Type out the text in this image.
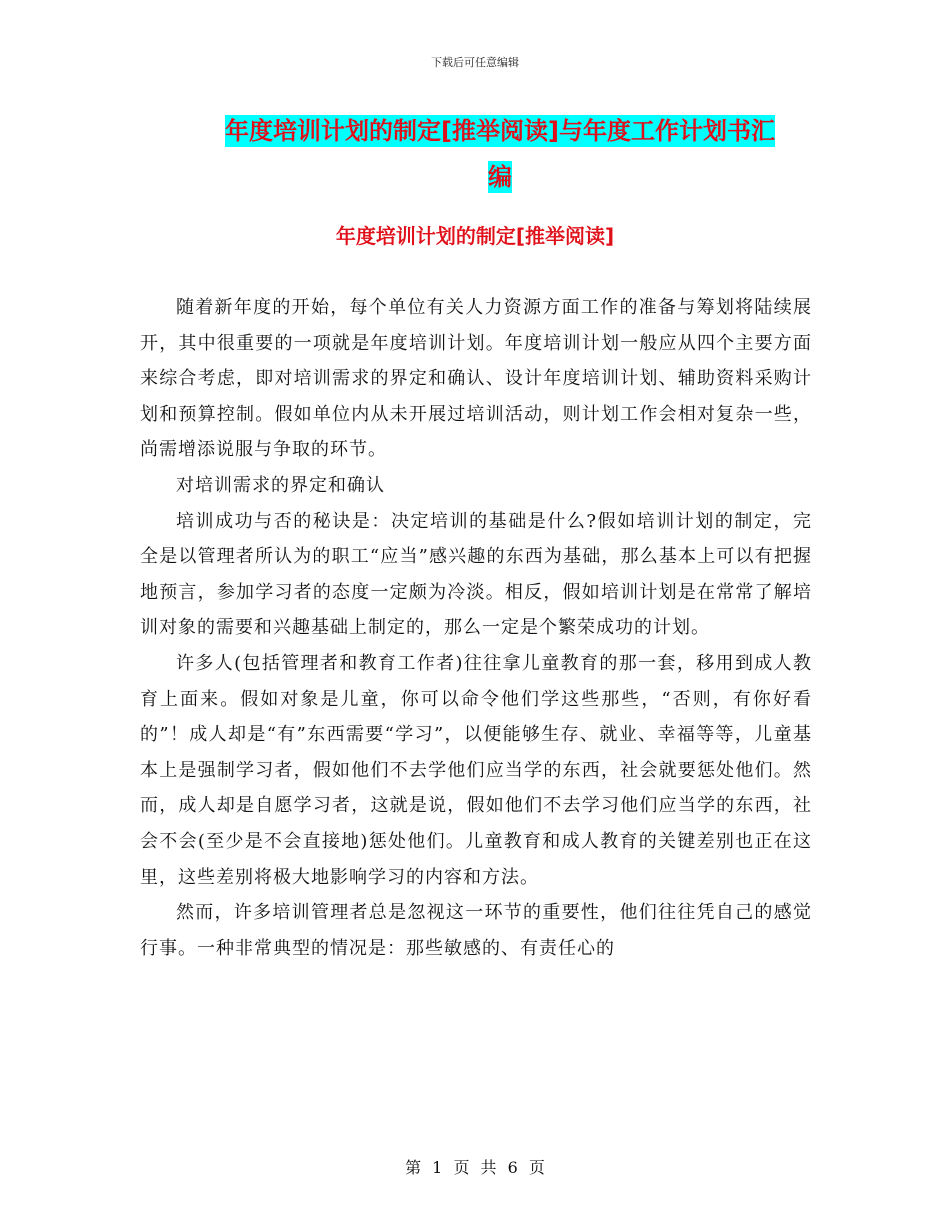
下载后可任意编辑
年度培训计划的制定[推举阅读]与年度工作计划书汇
编
年度培训计划的制定[推举阅读]

随着新年度的开始，每个单位有关人力资源方面工作的准备与筹划将陆续展开，其中很重要的一项就是年度培训计划。年度培训计划一般应从四个主要方面来综合考虑，即对培训需求的界定和确认、设计年度培训计划、辅助资料采购计划和预算控制。假如单位内从未开展过培训活动，则计划工作会相对复杂一些，尚需增添说服与争取的环节。

对培训需求的界定和确认

培训成功与否的秘诀是：决定培训的基础是什么?假如培训计划的制定，完全是以管理者所认为的职工“应当”感兴趣的东西为基础，那么基本上可以有把握地预言，参加学习者的态度一定颇为冷淡。相反，假如培训计划是在常常了解培训对象的需要和兴趣基础上制定的，那么一定是个繁荣成功的计划。

许多人(包括管理者和教育工作者)往往拿儿童教育的那一套，移用到成人教育上面来。假如对象是儿童，你可以命令他们学这些那些，“否则，有你好看的”！成人却是“有”东西需要“学习”，以便能够生存、就业、幸福等等，儿童基本上是强制学习者，假如他们不去学他们应当学的东西，社会就要惩处他们。然而，成人却是自愿学习者，这就是说，假如他们不去学习他们应当学的东西，社会不会(至少是不会直接地)惩处他们。儿童教育和成人教育的关键差别也正在这里，这些差别将极大地影响学习的内容和方法。

然而，许多培训管理者总是忽视这一环节的重要性，他们往往凭自己的感觉行事。一种非常典型的情况是：那些敏感的、有责任心的

第 1 页 共 6 页
